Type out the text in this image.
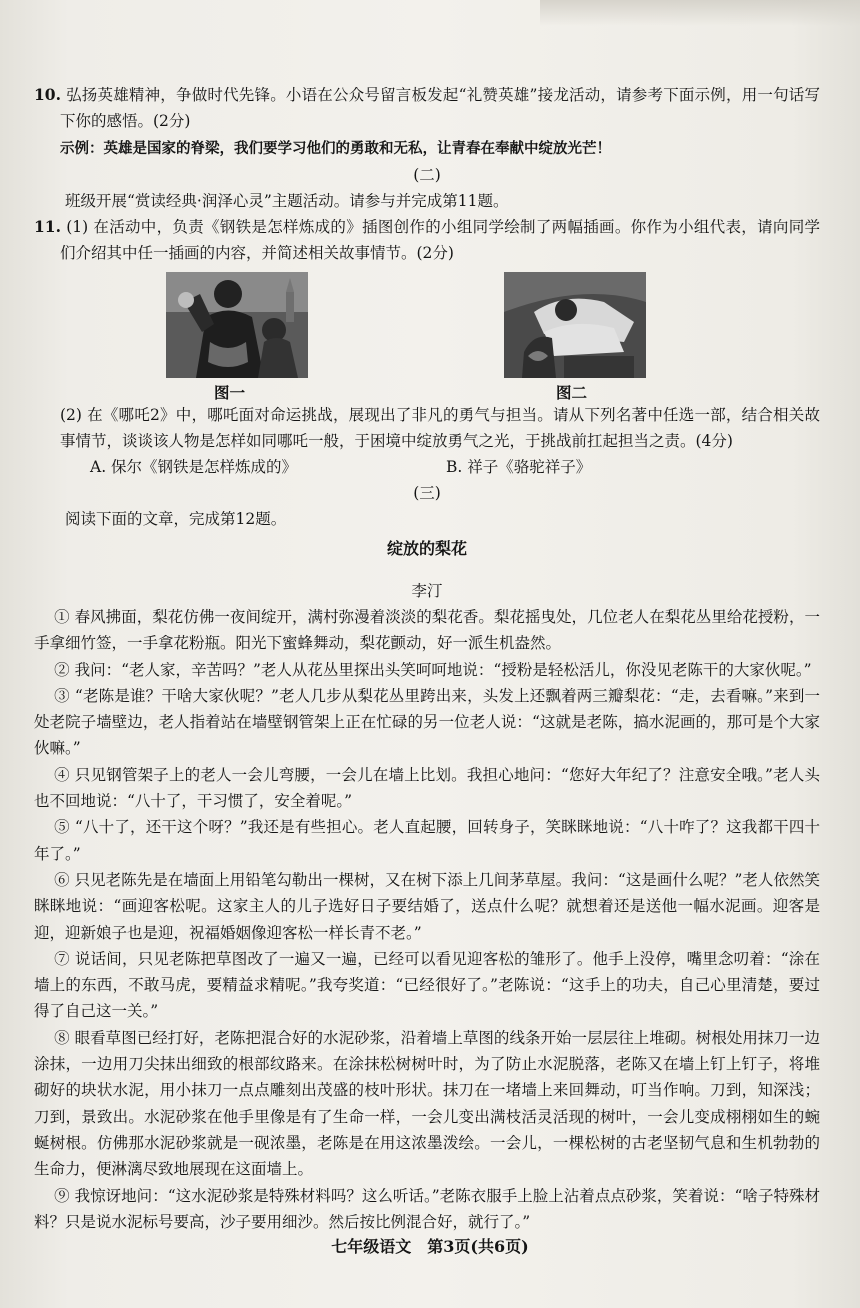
10. 弘扬英雄精神，争做时代先锋。小语在公众号留言板发起“礼赞英雄”接龙活动，请参考下面示例，用一句话写下你的感悟。(2分)

示例：英雄是国家的脊梁，我们要学习他们的勇敢和无私，让青春在奉献中绽放光芒！

(二)

班级开展“赏读经典·润泽心灵”主题活动。请参与并完成第11题。

11. (1) 在活动中，负责《钢铁是怎样炼成的》插图创作的小组同学绘制了两幅插画。你作为小组代表，请向同学们介绍其中任一插画的内容，并简述相关故事情节。(2分)

图一	图二

(2) 在《哪吒2》中，哪吒面对命运挑战，展现出了非凡的勇气与担当。请从下列名著中任选一部，结合相关故事情节，谈谈该人物是怎样如同哪吒一般，于困境中绽放勇气之光，于挑战前扛起担当之责。(4分)

A. 保尔《钢铁是怎样炼成的》	B. 祥子《骆驼祥子》

(三)

阅读下面的文章，完成第12题。

绽放的梨花

李汀

① 春风拂面，梨花仿佛一夜间绽开，满村弥漫着淡淡的梨花香。梨花摇曳处，几位老人在梨花丛里给花授粉，一手拿细竹签，一手拿花粉瓶。阳光下蜜蜂舞动，梨花颤动，好一派生机盎然。

② 我问：“老人家，辛苦吗？”老人从花丛里探出头笑呵呵地说：“授粉是轻松活儿，你没见老陈干的大家伙呢。”

③ “老陈是谁？干啥大家伙呢？”老人几步从梨花丛里跨出来，头发上还飘着两三瓣梨花：“走，去看嘛。”来到一处老院子墙壁边，老人指着站在墙壁钢管架上正在忙碌的另一位老人说：“这就是老陈，搞水泥画的，那可是个大家伙嘛。”

④ 只见钢管架子上的老人一会儿弯腰，一会儿在墙上比划。我担心地问：“您好大年纪了？注意安全哦。”老人头也不回地说：“八十了，干习惯了，安全着呢。”

⑤ “八十了，还干这个呀？”我还是有些担心。老人直起腰，回转身子，笑眯眯地说：“八十咋了？这我都干四十年了。”

⑥ 只见老陈先是在墙面上用铅笔勾勒出一棵树，又在树下添上几间茅草屋。我问：“这是画什么呢？”老人依然笑眯眯地说：“画迎客松呢。这家主人的儿子选好日子要结婚了，送点什么呢？就想着还是送他一幅水泥画。迎客是迎，迎新娘子也是迎，祝福婚姻像迎客松一样长青不老。”

⑦ 说话间，只见老陈把草图改了一遍又一遍，已经可以看见迎客松的雏形了。他手上没停，嘴里念叨着：“涂在墙上的东西，不敢马虎，要精益求精呢。”我夸奖道：“已经很好了。”老陈说：“这手上的功夫，自己心里清楚，要过得了自己这一关。”

⑧ 眼看草图已经打好，老陈把混合好的水泥砂浆，沿着墙上草图的线条开始一层层往上堆砌。树根处用抹刀一边涂抹，一边用刀尖抹出细致的根部纹路来。在涂抹松树树叶时，为了防止水泥脱落，老陈又在墙上钉上钉子，将堆砌好的块状水泥，用小抹刀一点点雕刻出茂盛的枝叶形状。抹刀在一堵墙上来回舞动，叮当作响。刀到，知深浅；刀到，景致出。水泥砂浆在他手里像是有了生命一样，一会儿变出满枝活灵活现的树叶，一会儿变成栩栩如生的蜿蜒树根。仿佛那水泥砂浆就是一砚浓墨，老陈是在用这浓墨泼绘。一会儿，一棵松树的古老坚韧气息和生机勃勃的生命力，便淋漓尽致地展现在这面墙上。

⑨ 我惊讶地问：“这水泥砂浆是特殊材料吗？这么听话。”老陈衣服手上脸上沾着点点砂浆，笑着说：“啥子特殊材料？只是说水泥标号要高，沙子要用细沙。然后按比例混合好，就行了。”

七年级语文　第3页(共6页)
